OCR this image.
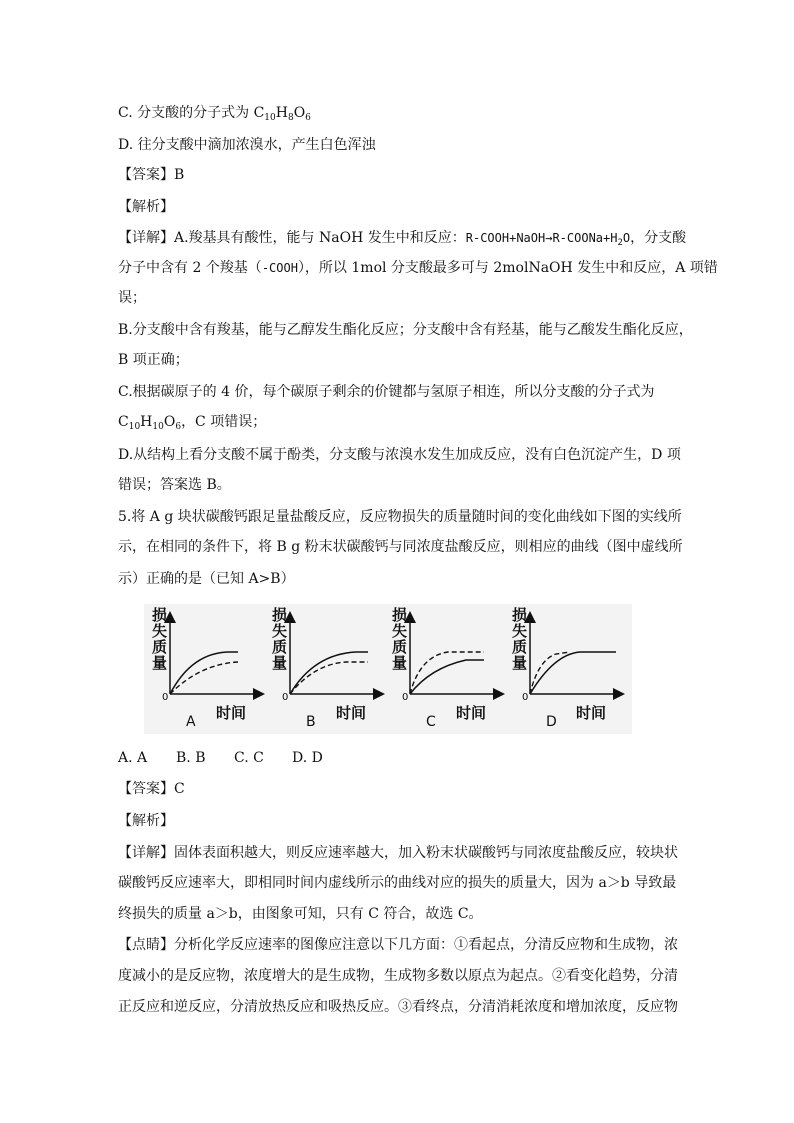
C. 分支酸的分子式为 $C_{10}H_8O_6$
D. 往分支酸中滴加浓溴水，产生白色浑浊
【答案】B
【解析】
【详解】A.羧基具有酸性，能与 NaOH 发生中和反应：$R-COOH+NaOH\to R-COONa+H_2O$，分支酸
分子中含有 2 个羧基（-COOH），所以 1mol 分支酸最多可与 2molNaOH 发生中和反应，A 项错
误；
B.分支酸中含有羧基，能与乙醇发生酯化反应；分支酸中含有羟基，能与乙酸发生酯化反应，
B 项正确；
C.根据碳原子的 4 价，每个碳原子剩余的价键都与氢原子相连，所以分支酸的分子式为
$C_{10}H_{10}O_6$，C 项错误；
D.从结构上看分支酸不属于酚类，分支酸与浓溴水发生加成反应，没有白色沉淀产生，D 项
错误；答案选 B。
5.将 A g 块状碳酸钙跟足量盐酸反应，反应物损失的质量随时间的变化曲线如下图的实线所
示，在相同的条件下，将 B g 粉末状碳酸钙与同浓度盐酸反应，则相应的曲线（图中虚线所
示）正确的是（已知 A>B）
损
失
质
量
0
时间
A
损
失
质
量
0
时间
B
损
失
质
量
0
时间
C
损
失
质
量
0
时间
D
A. A B. B C. C D. D
【答案】C
【解析】
【详解】固体表面积越大，则反应速率越大，加入粉末状碳酸钙与同浓度盐酸反应，较块状
碳酸钙反应速率大，即相同时间内虚线所示的曲线对应的损失的质量大，因为 a＞b 导致最
终损失的质量 a＞b，由图象可知，只有 C 符合，故选 C。
【点睛】分析化学反应速率的图像应注意以下几方面：①看起点，分清反应物和生成物，浓
度减小的是反应物，浓度增大的是生成物，生成物多数以原点为起点。②看变化趋势，分清
正反应和逆反应，分清放热反应和吸热反应。③看终点，分清消耗浓度和增加浓度，反应物
